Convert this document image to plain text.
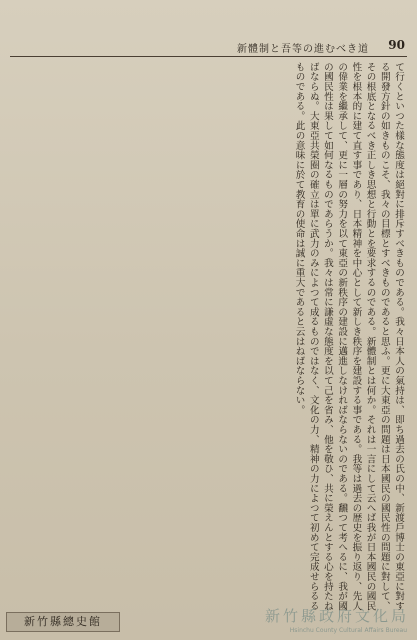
90
新體制と吾等の進むべき道
て行くといつた樣な態度は絕對に排斥すべきものである。我々日本人の氣持は、即ち過去の氏の中、新渡戶博士の東亞に對する開發方針の如きものこそ、我々の目標とすべきものであると思ふ。更に大東亞の問題は日本國民の國民性の問題に對して、その根底となるべき正しき思想と行動とを要求するのである。新體制とは何か。それは一言にして云へば我が日本國民の國民性を根本的に建て直す事であり、日本精神を中心として新しき秩序を建設する事である。我等は過去の歴史を振り返り、先人の偉業を繼承して、更に一層の努力を以て東亞の新秩序の建設に邁進しなければならないのである。飜つて考へるに、我が國の國民性は果して如何なるものであらうか。我々は常に謙虛な態度を以て己を省み、他を敬ひ、共に榮えんとする心を持たねばならぬ。大東亞共榮圈の確立は單に武力のみによつて成るものではなく、文化の力、精神の力によつて初めて完成せらるるものである。此の意味に於て教育の使命は誠に重大であると云はねばならない。
新竹縣總史館	新竹縣政府文化局
Hsinchu County Cultural Affairs Bureau
